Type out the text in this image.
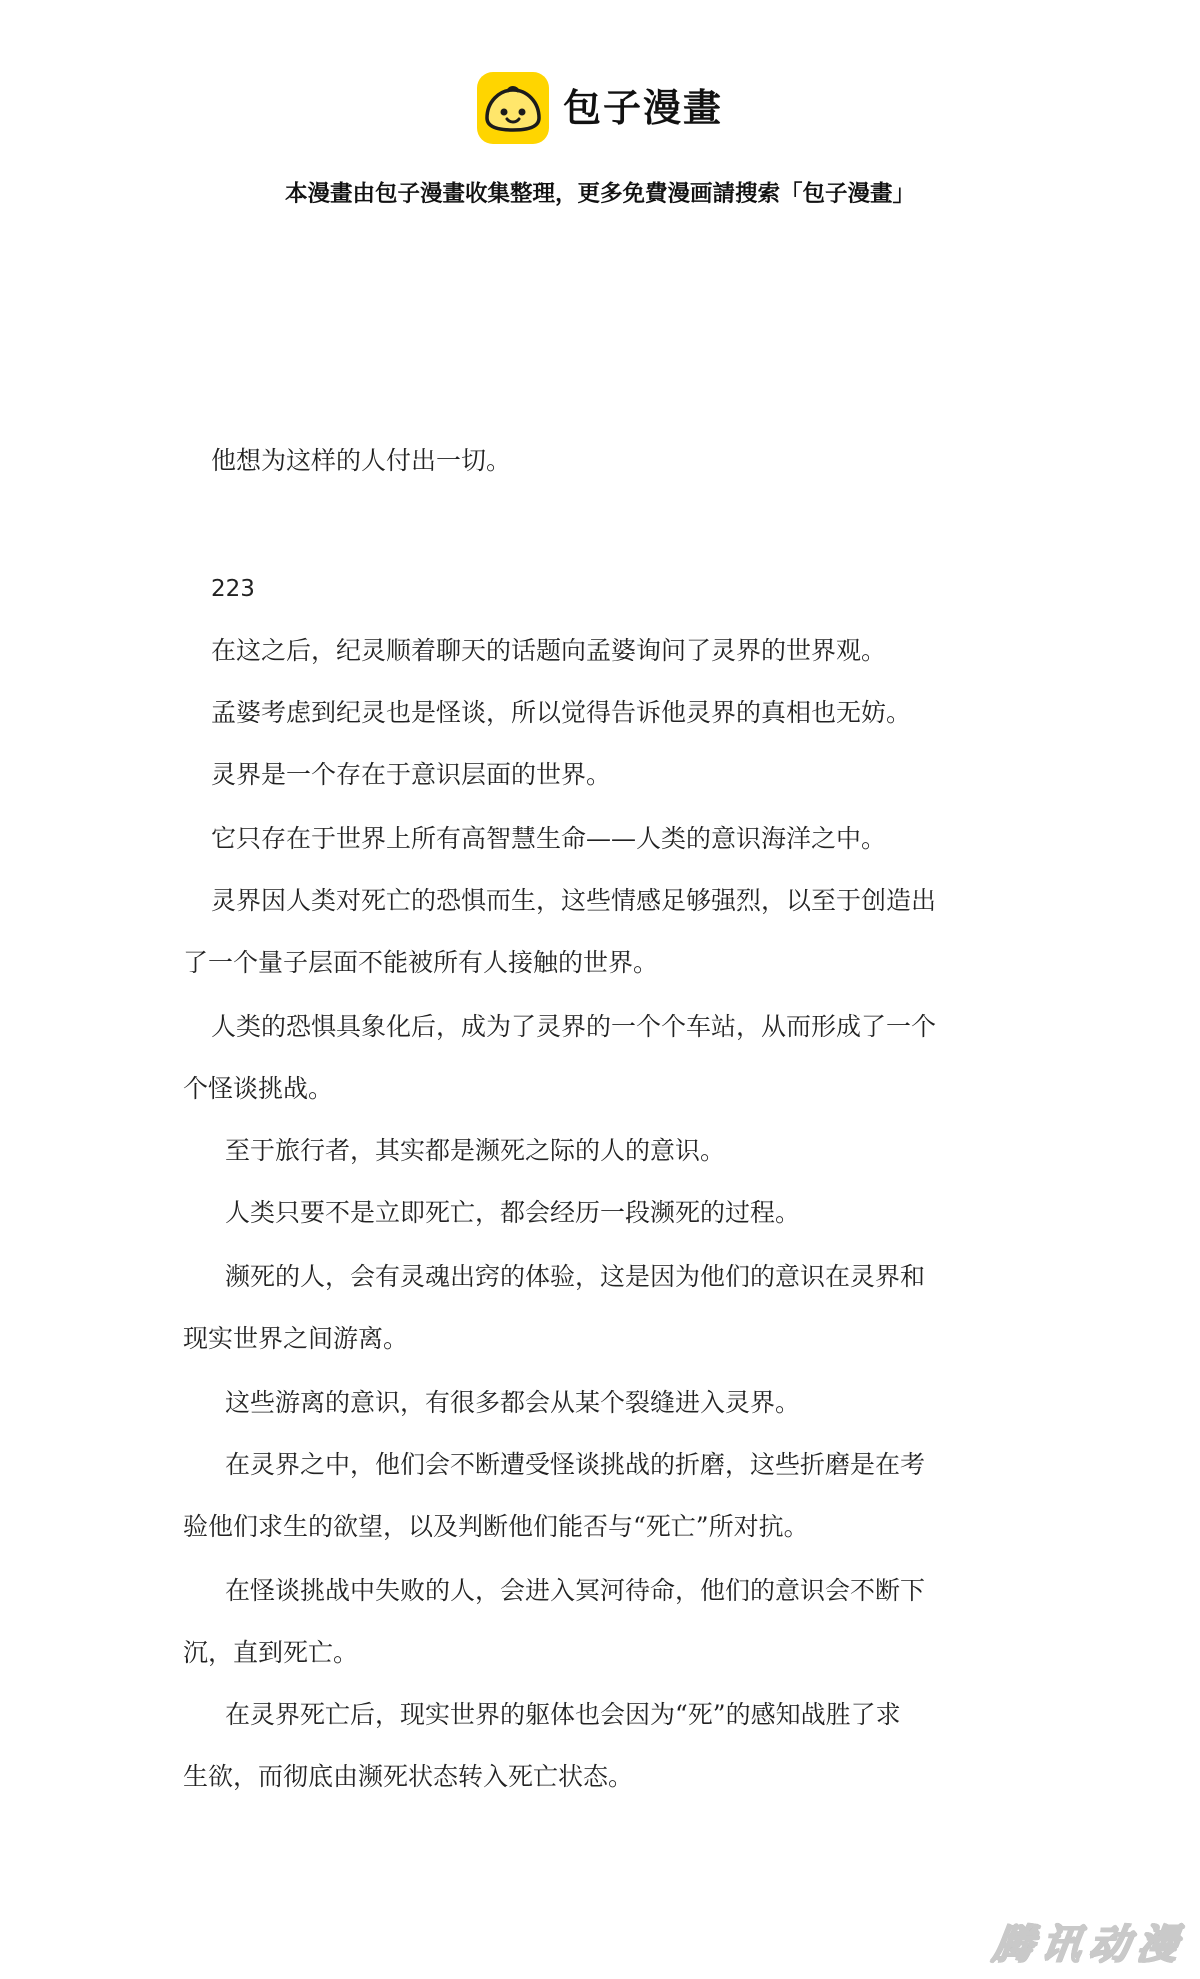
包子漫畫

本漫畫由包子漫畫收集整理，更多免費漫画請搜索「包子漫畫」

他想为这样的人付出一切。

223

在这之后，纪灵顺着聊天的话题向孟婆询问了灵界的世界观。

孟婆考虑到纪灵也是怪谈，所以觉得告诉他灵界的真相也无妨。

灵界是一个存在于意识层面的世界。

它只存在于世界上所有高智慧生命——人类的意识海洋之中。

灵界因人类对死亡的恐惧而生，这些情感足够强烈，以至于创造出

了一个量子层面不能被所有人接触的世界。

人类的恐惧具象化后，成为了灵界的一个个车站，从而形成了一个

个怪谈挑战。

至于旅行者，其实都是濒死之际的人的意识。

人类只要不是立即死亡，都会经历一段濒死的过程。

濒死的人，会有灵魂出窍的体验，这是因为他们的意识在灵界和

现实世界之间游离。

这些游离的意识，有很多都会从某个裂缝进入灵界。

在灵界之中，他们会不断遭受怪谈挑战的折磨，这些折磨是在考

验他们求生的欲望，以及判断他们能否与“死亡”所对抗。

在怪谈挑战中失败的人，会进入冥河待命，他们的意识会不断下

沉，直到死亡。

在灵界死亡后，现实世界的躯体也会因为“死”的感知战胜了求

生欲，而彻底由濒死状态转入死亡状态。

腾 讯 动 漫
